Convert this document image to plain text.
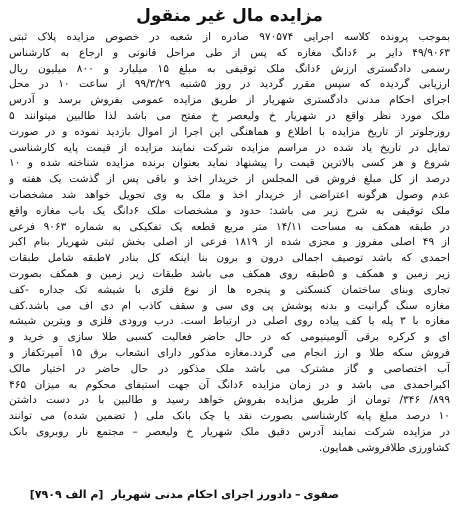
مزایده مال غیر منقول
بموجب پرونده کلاسه اجرایی ۹۷۰۵۷۴ صادره از شعبه در خصوص مزایده پلاک ثبتی
۴۹/۹۰۶۳ دایر بر ۶دانگ مغازه که پس از طی مراحل قانونی و ارجاع به کارشناس
رسمی دادگستری ارزش ۶دانگ ملک توقیفی به مبلغ ۱۵ میلیارد و ۸۰۰ میلیون ریال
ارزیابی گردیده که سپس مقرر گردید در روز ۵شنبه ۹۹/۳/۲۹ از ساعت ۱۰ در محل
اجرای احکام مدنی دادگستری شهریار از طریق مزایده عمومی بفروش برسد و آدرس
ملک مورد نظر واقع در شهریار خ ولیعصر خ مفتح می باشد لذا طالبین میتوانند ۵
روزجلوتر از تاریخ مزایده با اطلاع و هماهنگی این اجرا از اموال بازدید نموده و در صورت
تمایل در تاریخ یاد شده در مراسم مزایده شرکت نمایند مزایده از قیمت پایه کارشناسی
شروع و هر کسی بالاترین قیمت را پیشنهاد نماید بعنوان برنده مزایده شناخته شده و ۱۰
درصد از کل مبلغ فروش فی المجلس از خریدار اخذ و باقی پس از گذشت یک هفته و
عدم وصول هرگونه اعتراضی از خریدار اخذ و ملک به وی تحویل خواهد شد مشخصات
ملک توقیفی به شرح زیر می باشد: حدود و مشخصات ملک ۶دانگ یک باب مغازه واقع
در طبقه همکف به مساحت ۱۴/۱۱ متر مربع قطعه یک تفکیکی به شماره ۹۰۶۳ فرعی
از ۴۹ اصلی مفروز و مجزی شده از ۱۸۱۹ فرعی از اصلی بخش ثبتی شهریار بنام اکبر
احمدی که باشد توصیف اجمالی درون و برون بنا اینکه کل بنادر ۷طبقه شامل طبقات
زیر زمین و همکف و ۵طبقه روی همکف می باشد طبقات زیر زمین و همکف بصورت
تجاری وبنای ساختمان کنسکتی و پنجره ها از نوع فلزی با شیشه تک جداره -کف
مغازه سنگ گرانیت و بدنه پوشش پی وی سی و سقف کاذب ام دی اف می باشد.کف
مغازه با ۳ پله با کف پیاده روی اصلی در ارتباط است. درب ورودی فلزی و ویترین شیشه
ای و کرکره برقی آلومینیومی که در حال حاضر فعالیت کسبی طلا سازی و خرید و
فروش سکه طلا و ارز انجام می گردد.مغازه مذکور دارای انشعاب برق ۱۵ آمپرتکفاز و
آب اختصاصی و گاز مشترک می باشد ملک مذکور در حال حاضر در اختیار مالک
اکبراحمدی می باشد و در زمان مزایده ۶دانگ آن جهت استیفای محکوم به میزان ۴۶۵
۸۹۹/ ۳۴۶/ تومان از طریق مزایده بفروش خواهد رسید و طالبین با در دست داشتن
۱۰ درصد مبلغ پایه کارشناسی بصورت نقد یا چک بانک ملی ( تضمین شده) می توانند
در مزایده شرکت نمایند آدرس دقیق ملک شهریار خ ولیعصر – مجتمع نار روبروی بانک
کشاورزی طلافروشی همایون.
صفوی–دادورز اجرای احکام مدنی شهریار[م الف ۷۹۰۹]
